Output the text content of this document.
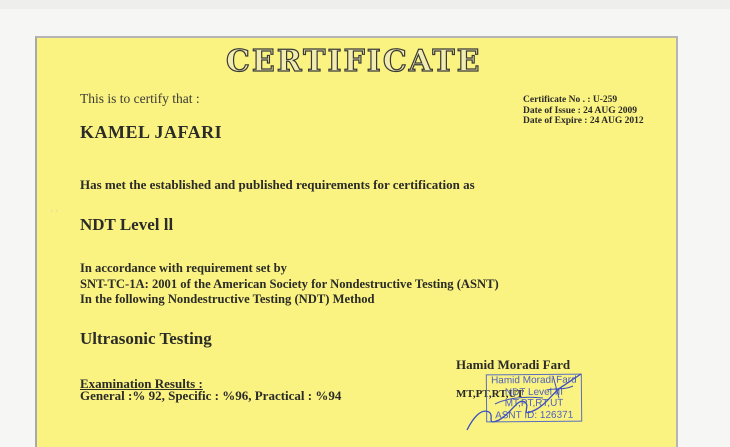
CERTIFICATE
This is to certify that :	Certificate No . : U-259
Date of Issue : 24 AUG 2009
Date of Expire : 24 AUG 2012
KAMEL JAFARI
Has met the established and published requirements for certification as
· ·
NDT Level ll
In accordance with requirement set by
SNT-TC-1A: 2001 of the American Society for Nondestructive Testing (ASNT)
In the following Nondestructive Testing (NDT) Method
Ultrasonic Testing
Examination Results :
General :% 92, Specific : %96, Practical : %94
Hamid Moradi Fard
MT,PT,RT,UT
Hamid Moradi Fard
NDT Level III
MT,PT,RT,UT
ASNT ID: 126371
